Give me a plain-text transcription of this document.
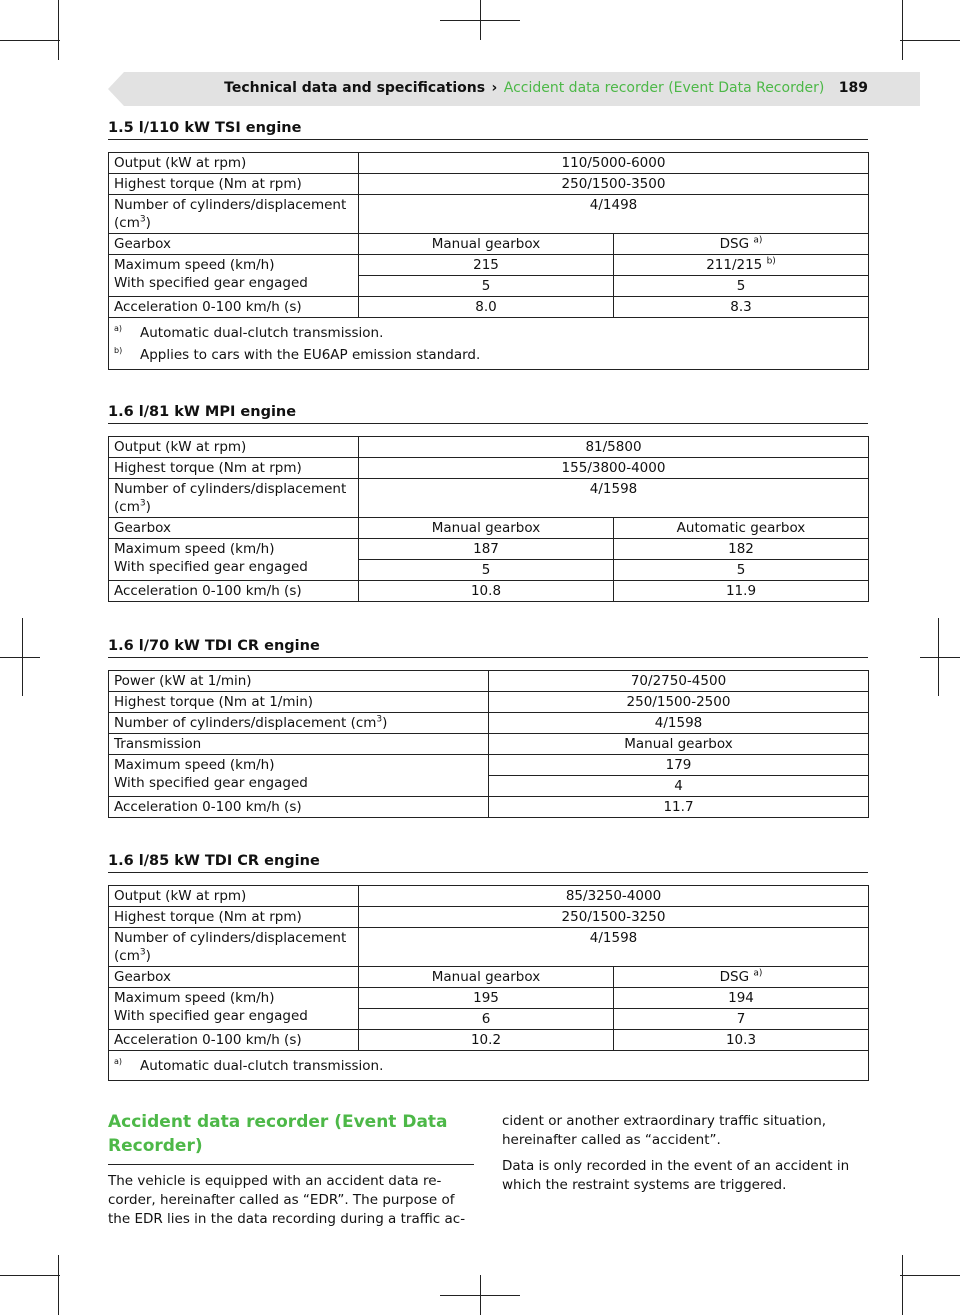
Technical data and specifications › Accident data recorder (Event Data Recorder) 189
1.5 l/110 kW TSI engine
Output (kW at rpm)	110/5000-6000	
Highest torque (Nm at rpm)	250/1500-3500	
Number of cylinders/displacement $(cm^3)$	4/1498	
Gearbox	Manual gearbox	DSG $^{a)}$
Maximum speed (km/h)
With specified gear engaged	215	211/215 $^{b)}$
	5	5
Acceleration 0-100 km/h (s)	8.0	8.3

a) Automatic dual-clutch transmission.
b) Applies to cars with the EU6AP emission standard.		
1.6 l/81 kW MPI engine
Output (kW at rpm)	81/5800	
Highest torque (Nm at rpm)	155/3800-4000	
Number of cylinders/displacement $(cm^3)$	4/1598	
Gearbox	Manual gearbox	Automatic gearbox
Maximum speed (km/h)
With specified gear engaged	187	182
	5	5
Acceleration 0-100 km/h (s)	10.8	11.9
1.6 l/70 kW TDI CR engine
Power (kW at 1/min)	70/2750-4500
Highest torque (Nm at 1/min)	250/1500-2500
Number of cylinders/displacement $(cm^3)$	4/1598
Transmission	Manual gearbox
Maximum speed (km/h)
With specified gear engaged	179
	4
Acceleration 0-100 km/h (s)	11.7
1.6 l/85 kW TDI CR engine
Output (kW at rpm)	85/3250-4000	
Highest torque (Nm at rpm)	250/1500-3250	
Number of cylinders/displacement $(cm^3)$	4/1598	
Gearbox	Manual gearbox	DSG $^{a)}$
Maximum speed (km/h)
With specified gear engaged	195	194
	6	7
Acceleration 0-100 km/h (s)	10.2	10.3

a) Automatic dual-clutch transmission.		
Accident data recorder (Event Data Recorder)

The vehicle is equipped with an accident data re-corder, hereinafter called as “EDR”. The purpose of the EDR lies in the data recording during a traffic ac-

cident or another extraordinary traffic situation, hereinafter called as “accident”.

Data is only recorded in the event of an accident in which the restraint systems are triggered.
